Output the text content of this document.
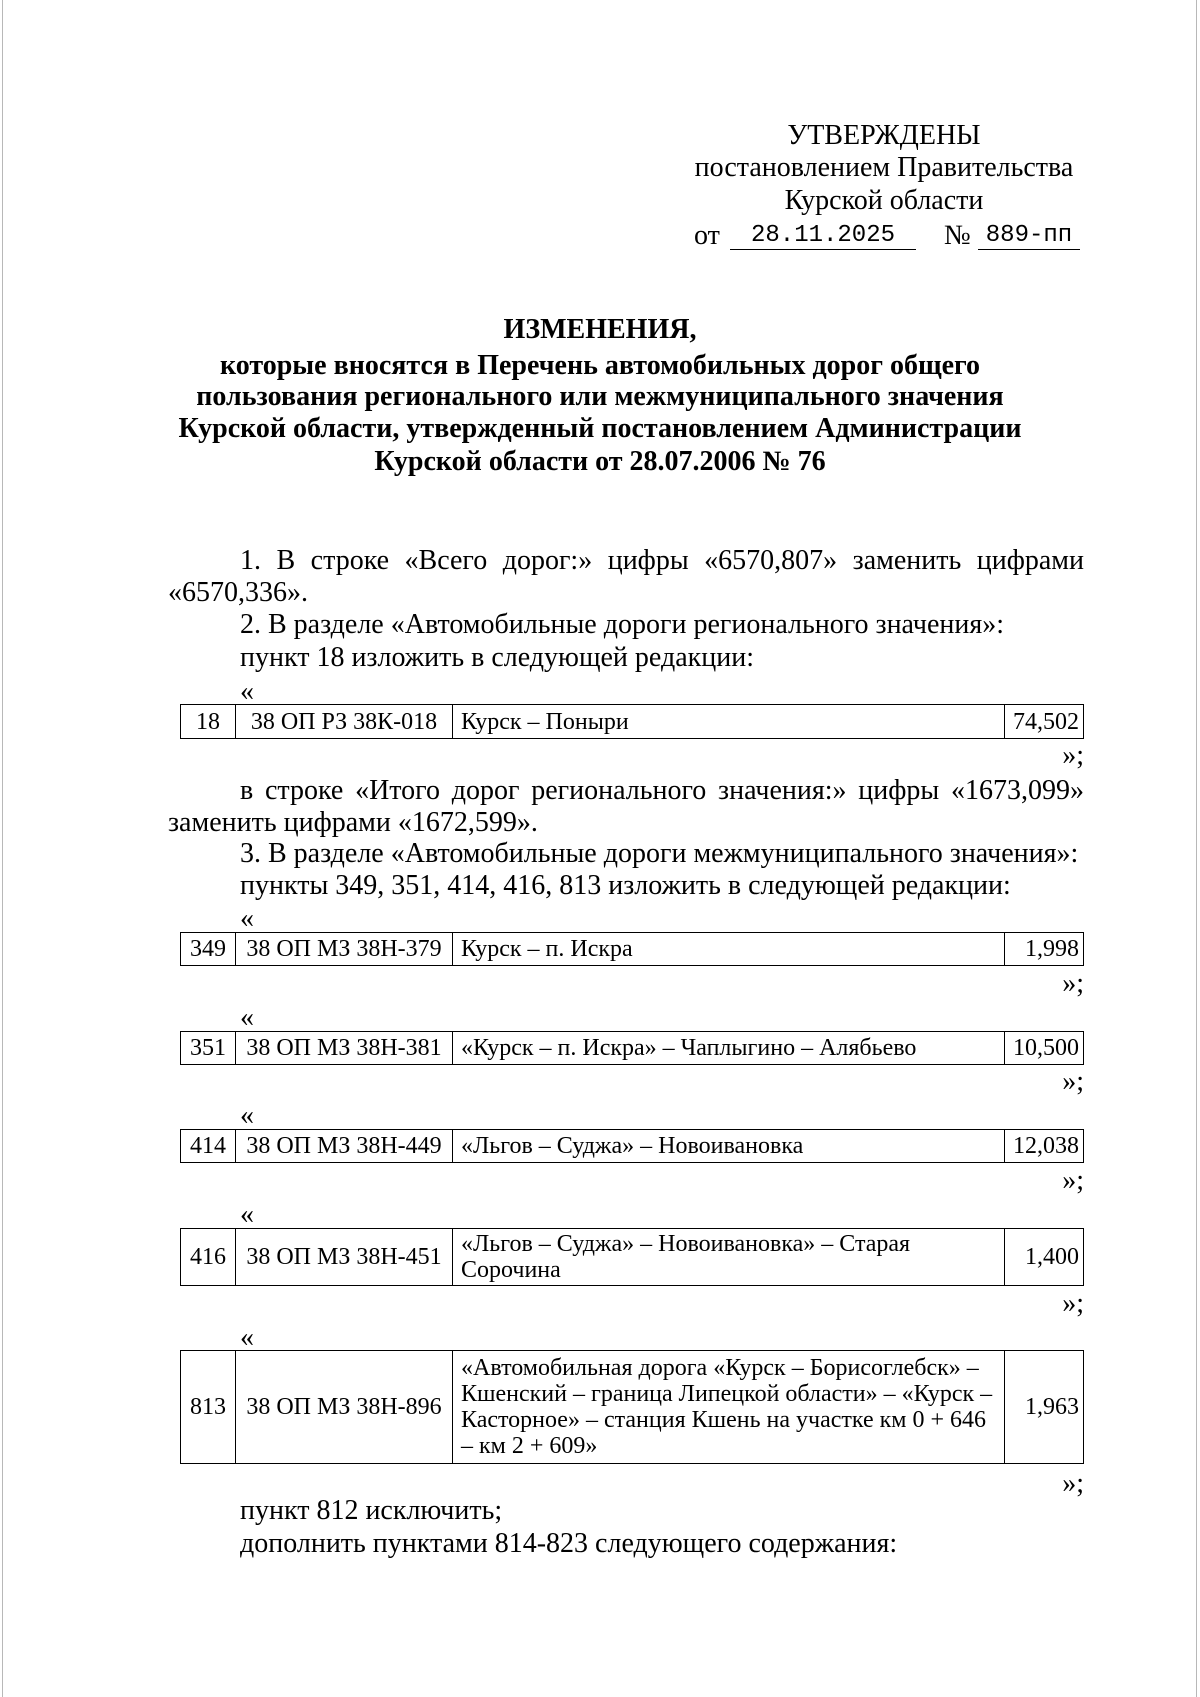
УТВЕРЖДЕНЫ
постановлением Правительства
Курской области
от	28.11.2025	№ 889-пп
ИЗМЕНЕНИЯ,
которые вносятся в Перечень автомобильных дорог общего
пользования регионального или межмуниципального значения
Курской области, утвержденный постановлением Администрации
Курской области от 28.07.2006 № 76
1. В строке «Всего дорог:» цифры «6570,807» заменить цифрами
«6570,336».
2. В разделе «Автомобильные дороги регионального значения»:
пункт 18 изложить в следующей редакции:
«
18	38 ОП РЗ 38К-018	Курск – Поныри	74,502
»;
в строке «Итого дорог регионального значения:» цифры «1673,099»
заменить цифрами «1672,599».
3. В разделе «Автомобильные дороги межмуниципального значения»:
пункты 349, 351, 414, 416, 813 изложить в следующей редакции:
«
349	38 ОП МЗ 38Н-379	Курск – п. Искра	1,998
»;
«
351	38 ОП МЗ 38Н-381	«Курск – п. Искра» – Чаплыгино – Алябьево	10,500
»;
«
414	38 ОП МЗ 38Н-449	«Льгов – Суджа» – Новоивановка	12,038
»;
«
416	38 ОП МЗ 38Н-451	«Льгов – Суджа» – Новоивановка» – Старая Сорочина	1,400
»;
«
813	38 ОП МЗ 38Н-896	«Автомобильная дорога «Курск – Борисоглебск» – Кшенский – граница Липецкой области» – «Курск – Касторное» – станция Кшень на участке км 0 + 646 – км 2 + 609»	1,963
»;
пункт 812 исключить;
дополнить пунктами 814-823 следующего содержания:
